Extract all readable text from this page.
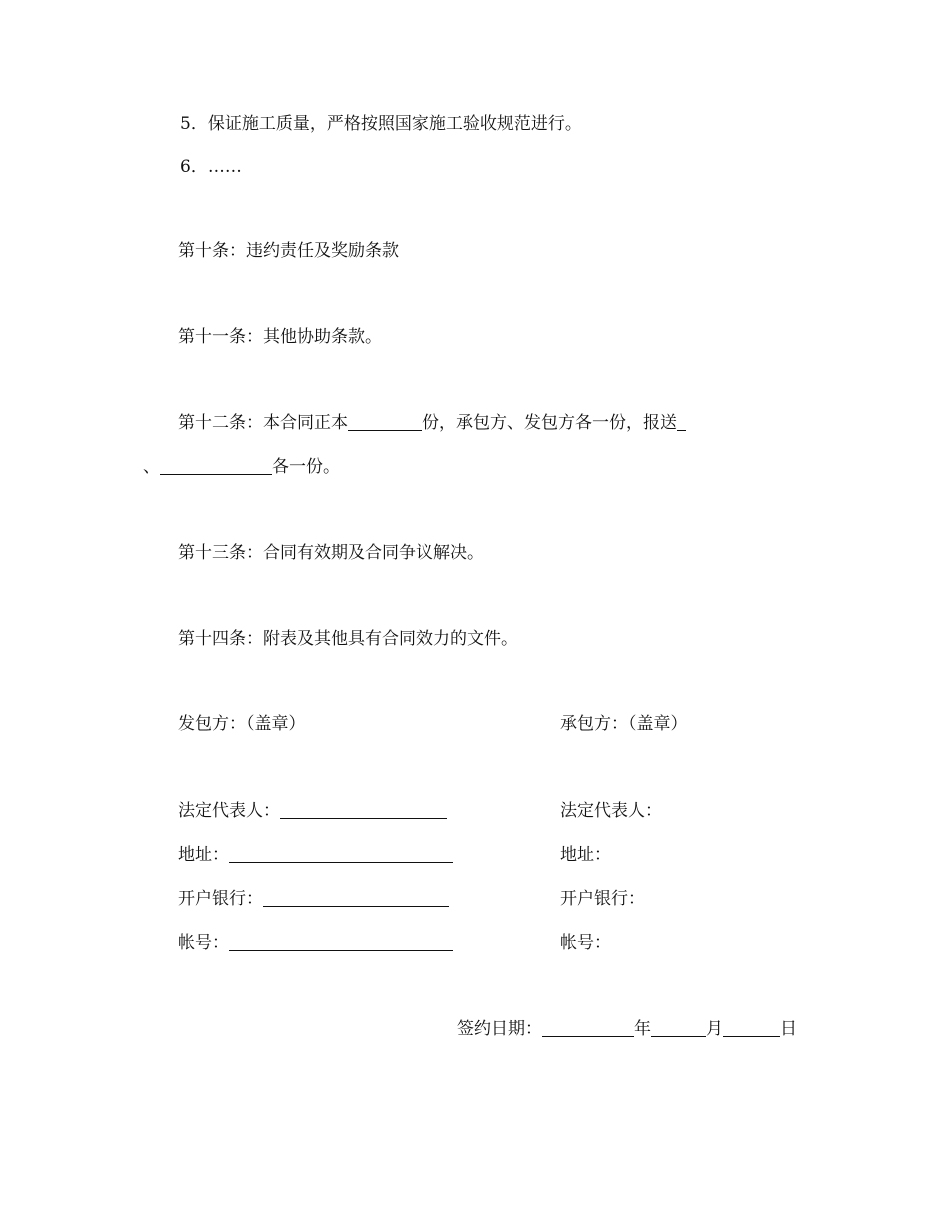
5．保证施工质量，严格按照国家施工验收规范进行。
6．……
第十条：违约责任及奖励条款
第十一条：其他协助条款。
第十二条：本合同正本	份，承包方、发包方各一份，报送
、	各一份。
第十三条：合同有效期及合同争议解决。
第十四条：附表及其他具有合同效力的文件。
发包方：（盖章）
法定代表人：
地址：
开户银行：
帐号：
承包方：（盖章）
法定代表人：
地址：
开户银行：
帐号：
签约日期：	年	月	日
